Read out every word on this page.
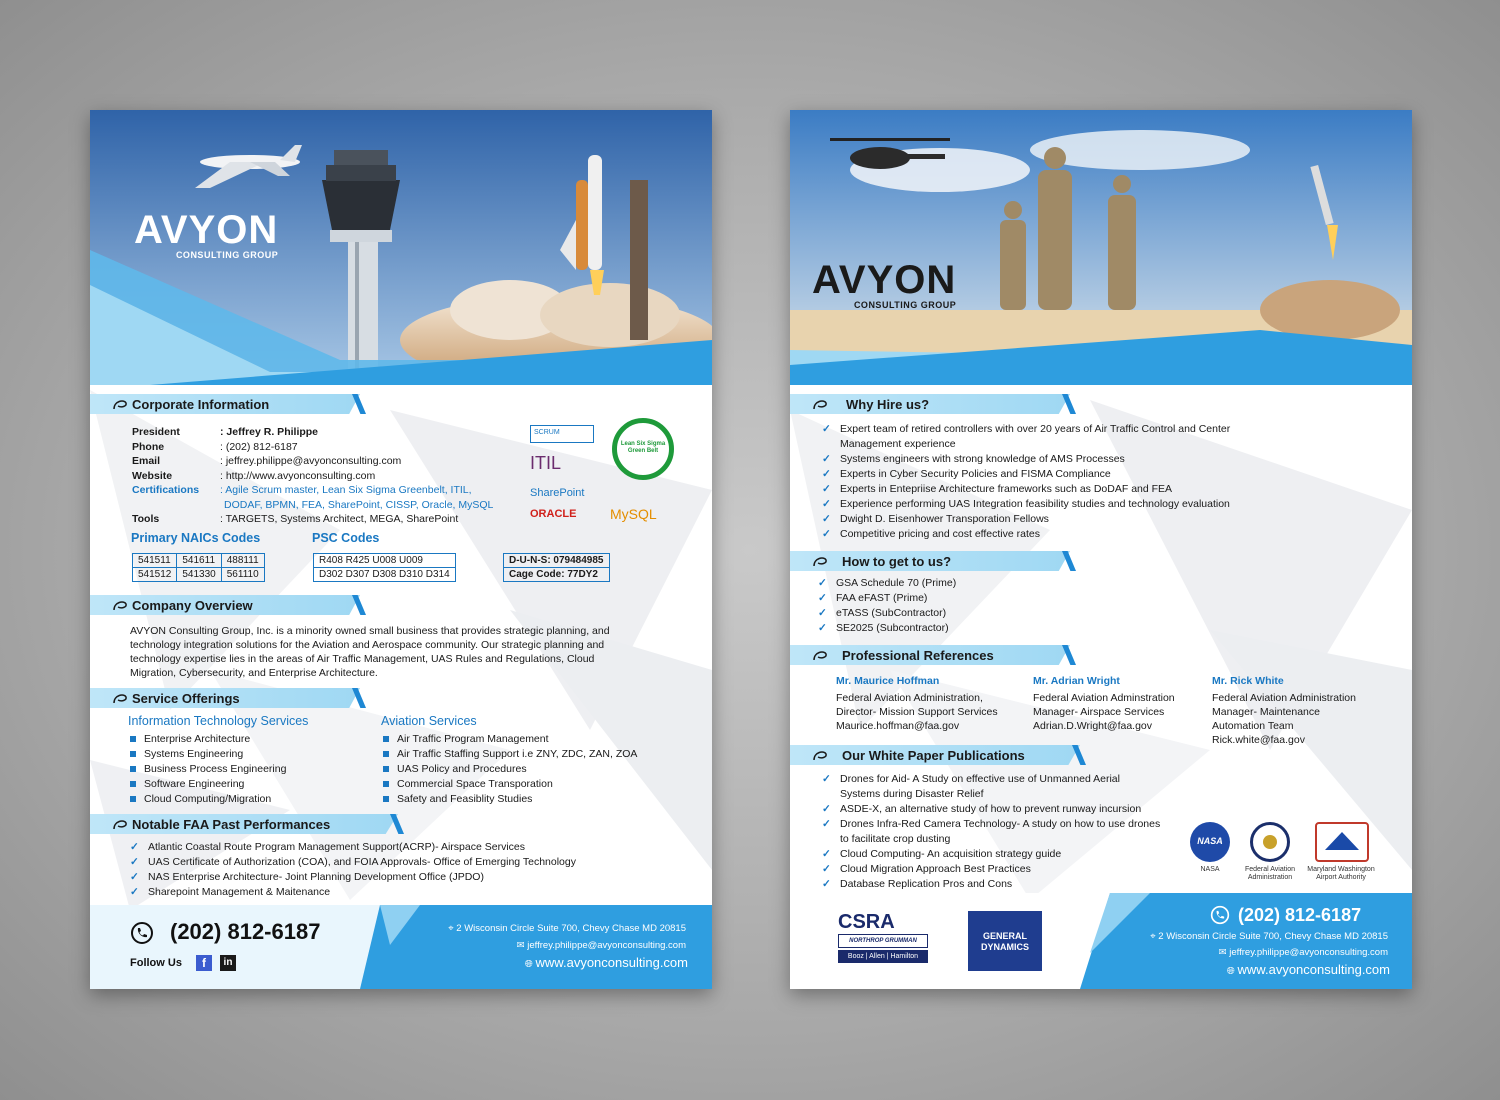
AVYON
CONSULTING GROUP
Corporate Information
President	: Jeffrey R. Philippe
Phone	: (202) 812-6187
Email	: jeffrey.philippe@avyonconsulting.com
Website	: http://www.avyonconsulting.com
Certifications : Agile Scrum master, Lean Six Sigma Greenbelt, ITIL,
DODAF, BPMN, FEA, SharePoint, CISSP, Oracle, MySQL
Tools	: TARGETS, Systems Architect, MEGA, SharePoint
SCRUM
ITIL
SharePoint
ORACLE
Lean Six Sigma Green Belt
MySQL
Primary NAICs Codes
541511	541611	488111
541512	541330	561110
PSC Codes
R408 R425 U008 U009
D302 D307 D308 D310 D314
D-U-N-S: 079484985
Cage Code: 77DY2
Company Overview
AVYON Consulting Group, Inc. is a minority owned small business that provides strategic planning, and
technology integration solutions for the Aviation and Aerospace community. Our strategic planning and
technology expertise lies in the areas of Air Traffic Management, UAS Rules and Regulations, Cloud
Migration, Cybersecurity, and Enterprise Architecture.
Service Offerings
Information Technology Services
Enterprise Architecture
Systems Engineering
Business Process Engineering
Software Engineering
Cloud Computing/Migration
Aviation Services
Air Traffic Program Management
Air Traffic Staffing Support i.e ZNY, ZDC, ZAN, ZOA
UAS Policy and Procedures
Commercial Space Transporation
Safety and Feasiblity Studies
Notable FAA Past Performances
✓ Atlantic Coastal Route Program Management Support(ACRP)- Airspace Services
✓ UAS Certificate of Authorization (COA), and FOIA Approvals- Office of Emerging Technology
✓ NAS Enterprise Architecture- Joint Planning Development Office (JPDO)
✓ Sharepoint Management & Maitenance
(202) 812-6187
Follow Us	f	in
⌖ 2 Wisconsin Circle Suite 700, Chevy Chase MD 20815
✉ jeffrey.philippe@avyonconsulting.com
🌐︎ www.avyonconsulting.com
AVYON
CONSULTING GROUP
Why Hire us?
✓ Expert team of retired controllers with over 20 years of Air Traffic Control and Center
Management experience
✓ Systems engineers with strong knowledge of AMS Processes
✓ Experts in Cyber Security Policies and FISMA Compliance
✓ Experts in Entepriise Architecture frameworks such as DoDAF and FEA
✓ Experience performing UAS Integration feasibility studies and technology evaluation
✓ Dwight D. Eisenhower Transporation Fellows
✓ Competitive pricing and cost effective rates
How to get to us?
✓ GSA Schedule 70 (Prime)
✓ FAA eFAST (Prime)
✓ eTASS (SubContractor)
✓ SE2025 (Subcontractor)
Professional References
Mr. Maurice Hoffman
Federal Aviation Administration,
Director- Mission Support Services
Maurice.hoffman@faa.gov
Mr. Adrian Wright
Federal Aviation Adminstration
Manager- Airspace Services
Adrian.D.Wright@faa.gov
Mr. Rick White
Federal Aviation Administration
Manager- Maintenance
Automation Team
Rick.white@faa.gov
Our White Paper Publications
✓ Drones for Aid- A Study on effective use of Unmanned Aerial
Systems during Disaster Relief
✓ ASDE-X, an alternative study of how to prevent runway incursion
✓ Drones Infra-Red Camera Technology- A study on how to use drones
to facilitate crop dusting
✓ Cloud Computing- An acquisition strategy guide
✓ Cloud Migration Approach Best Practices
✓ Database Replication Pros and Cons
NASA
NASA	Federal Aviation Administration
Maryland Washington Airport Authority
CSRA
NORTHROP GRUMMAN
Booz | Allen | Hamilton
GENERAL DYNAMICS
(202) 812-6187
⌖ 2 Wisconsin Circle Suite 700, Chevy Chase MD 20815
✉ jeffrey.philippe@avyonconsulting.com
🌐︎ www.avyonconsulting.com
